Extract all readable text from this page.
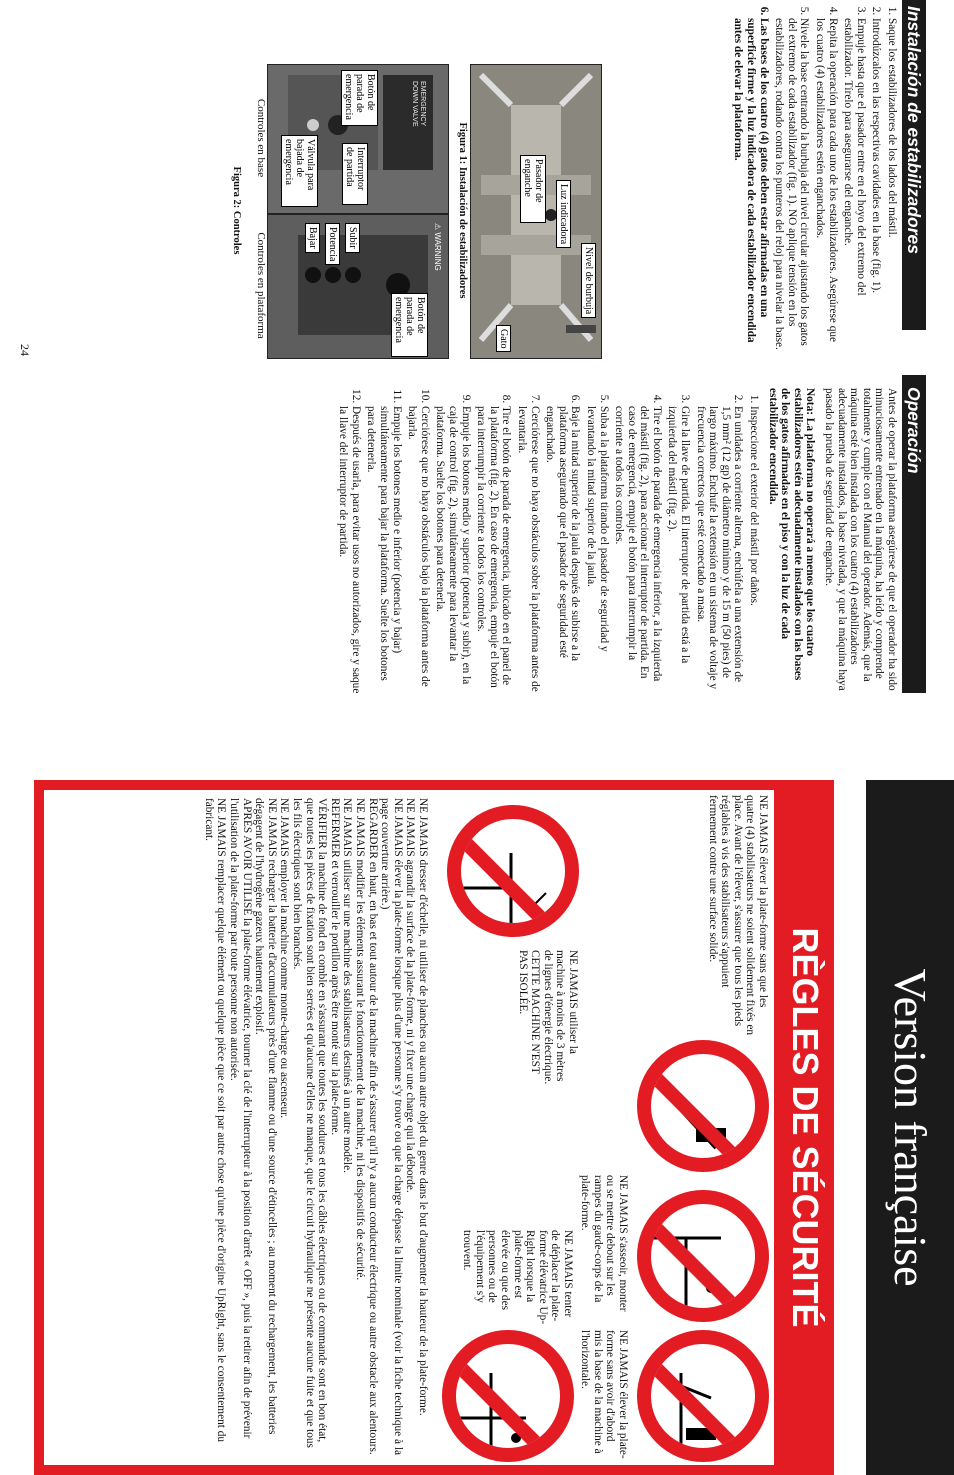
Instalación de estabilizadores
1. Saque los estabilizadores de los lados del mástil.
2. Introdúzcalos en las respectivas cavidades en la base (fig. 1).
3. Empuje hasta que el pasador entre en el hoyo del extremo del estabilizador. Tírelo para asegurarse del enganche.
4. Repita la operación para cada uno de los estabilizadores. Asegúrese que los cuatro (4) estabilizadores estén enganchados.
5. Nivele la base centrando la burbuja del nivel circular ajustando los gatos del extremo de cada estabilizador (fig. 1). NO aplique tensión en los estabilizadores, rodando contra los punteros del reloj para nivelar la base.
6. Las bases de los cuatro (4) gatos deben estar afirmadas en una superficie firme y la luz indicadora de cada estabilizador encendida antes de elevar la plataforma.
Nivel de burbuja
Luz indicadora
Pasador de enganche
Gato
Figura 1: Instalación de estabilizadores
EMERGENCY DOWN VALVE
Botón de parada de emergencia
Interruptor de partida
Válvula para bajada de emergencia
⚠ WARNING
Botón de parada de emergencia
Subir
Potencia
Bajar
Controles en base
Controles en plataforma
Figura 2: Controles
24
Operación

Antes de operar la plataforma asegúrese de que el operador ha sido minuciosamente entrenado en la máquina, ha leído y comprende totalmente y cumple con el Manual del operador. Además, que la máquina esté bien instalada con los cuatro (4) estabilizadores adecuadamente instalados, la base nivelada, y que la máquina haya pasado la prueba de seguridad de enganche.

Nota: La plataforma no operará a menos que los cuatro estabilizadores estén adecuadamente instalados con las bases de los gatos afirmadas en el piso y con la luz de cada estabilizador encendida.

1. Inspeccione el exterior del mástil por daños.
2. En unidades a corriente alterna, enchúfela a una extensión de 1,5 mm² (12 gp) de diámetro mínimo y de 15 m (50 pies) de largo máximo. Enchufe la extensión en un sistema de voltaje y frecuencia correctos que esté conectado a masa.
3. Gire la llave de partida. El interruptor de partida está a la izquierda del mástil (fig. 2).
4. Tire el botón de parada de emergencia inferior, a la izquierda del mástil (fig. 2), para accionar el interruptor de partida. En caso de emergencia, empuje el botón para interrumpir la corriente a todos los controles.
5. Suba a la plataforma tirando el pasador de seguridad y levantando la mitad superior de la jaula.
6. Baje la mitad superior de la jaula después de subirse a la plataforma asegurando que el pasador de seguridad esté enganchado.
7. Cerciórese que no haya obstáculos sobre la plataforma antes de levantarla.
8. Tire el botón de parada de emergencia, ubicado en el panel de la plataforma (fig. 2). En caso de emergencia, empuje el botón para interrumpir la corriente a todos los controles.
9. Empuje los botones medio y superior (potencia y subir), en la caja de control (fig. 2), simultáneamente para levantar la plataforma. Suelte los botones para detenerla.
10. Cerciórese que no haya obstáculos bajo la plataforma antes de bajarla.
11. Empuje los botones medio e inferior (potencia y bajar) simultáneamente para bajar la plataforma. Suelte los botones para detenerla.
12. Después de usarla, para evitar usos no autorizados, gire y saque la llave del interruptor de partida.
Version française
RÈGLES DE SÉCURITÉ
NE JAMAIS élever la plate-forme sans que les quatre (4) stabilisateurs ne soient solidement fixés en place. Avant de l'élever, s'assurer que tous les pieds réglables à vis des stabilisateurs s'appuient fermement contre une surface solide.
NE JAMAIS s'asseoir, monter ou se mettre debout sur les rampes du garde-corps de la plate-forme.
NE JAMAIS élever la plate-forme sans avoir d'abord mis la base de la machine à l'horizontale.
NE JAMAIS utiliser la machine à moins de 3 mètres de lignes d'énergie électrique. CETTE MACHINE N'EST PAS ISOLÉE.
NE JAMAIS tenter de déplacer la plate-forme élévatrice Up-Right lorsque la plate-forme est élevée ou que des personnes ou de l'équipement s'y trouvent.

NE JAMAIS dresser d'échelle, ni utiliser de planches ou aucun autre objet du genre dans le but d'augmenter la hauteur de la plate-forme.

NE JAMAIS agrandir la surface de la plate-forme, ni y fixer une charge qui la déborde.

NE JAMAIS élever la plate-forme lorsque plus d'une personne s'y trouve ou que la charge dépasse la limite nominale (voir la fiche technique à la page couverture arrière.)

REGARDER en haut, en bas et tout autour de la machine afin de s'assurer qu'il n'y a aucun conducteur électrique ou autre obstacle aux alentours.

NE JAMAIS modifier les éléments assurant le fonctionnement de la machine, ni les dispositifs de sécurité.

NE JAMAIS utiliser sur une machine des stabilisateurs destinés à un autre modèle.

REFERMER et verrouiller le portillon après être monté sur la plate-forme.

VÉRIFIER la machine de fond en comble en s'assurant que toutes les soudures et tous les câbles électriques ou de commande sont en bon état, que toutes les pièces de fixation sont bien serrées et qu'aucune d'elles ne manque, que le circuit hydraulique ne présente aucune fuite et que tous les fils électriques sont bien branchés.

NE JAMAIS employer la machine comme monte-charge ou ascenseur.

NE JAMAIS recharger la batterie d'accumulateurs près d'une flamme ou d'une source d'étincelles ; au moment du rechargement, les batteries dégagent de l'hydrogène gazeux hautement explosif.

APRÈS AVOIR UTILISÉ la plate-forme élévatrice, tourner la clé de l'interrupteur à la position d'arrêt « OFF », puis la retirer afin de prévenir l'utilisation de la plate-forme par toute personne non autorisée.

NE JAMAIS remplacer quelque élément ou quelque pièce que ce soit par autre chose qu'une pièce d'origine UpRight, sans le consentement du fabricant.
